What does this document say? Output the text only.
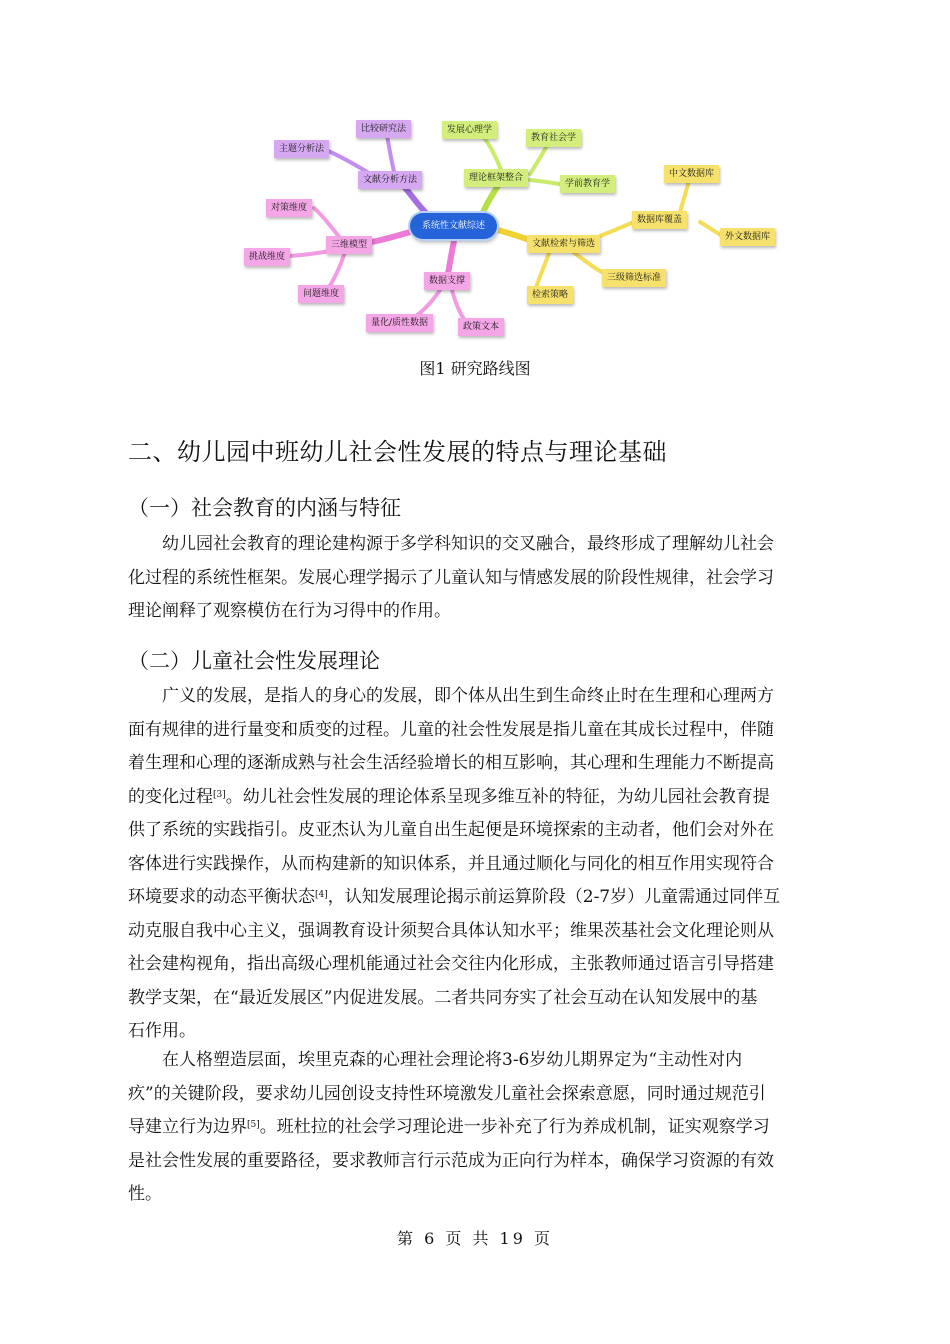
系统性文献综述
文献分析方法
比较研究法
主题分析法
理论框架整合
发展心理学
教育社会学
学前教育学
文献检索与筛选
数据库覆盖
中文数据库
外文数据库
三级筛选标准
检索策略
三维模型
对策维度
挑战维度
问题维度
数据支撑
量化/质性数据	政策文本
图1 研究路线图
二、幼儿园中班幼儿社会性发展的特点与理论基础
（一）社会教育的内涵与特征
幼儿园社会教育的理论建构源于多学科知识的交叉融合，最终形成了理解幼儿社会
化过程的系统性框架。发展心理学揭示了儿童认知与情感发展的阶段性规律，社会学习
理论阐释了观察模仿在行为习得中的作用。
（二）儿童社会性发展理论
广义的发展，是指人的身心的发展，即个体从出生到生命终止时在生理和心理两方
面有规律的进行量变和质变的过程。儿童的社会性发展是指儿童在其成长过程中，伴随
着生理和心理的逐渐成熟与社会生活经验增长的相互影响，其心理和生理能力不断提高
的变化过程[3]。幼儿社会性发展的理论体系呈现多维互补的特征，为幼儿园社会教育提
供了系统的实践指引。皮亚杰认为儿童自出生起便是环境探索的主动者，他们会对外在
客体进行实践操作，从而构建新的知识体系，并且通过顺化与同化的相互作用实现符合
环境要求的动态平衡状态[4]，认知发展理论揭示前运算阶段（2-7岁）儿童需通过同伴互
动克服自我中心主义，强调教育设计须契合具体认知水平；维果茨基社会文化理论则从
社会建构视角，指出高级心理机能通过社会交往内化形成，主张教师通过语言引导搭建
教学支架，在“最近发展区”内促进发展。二者共同夯实了社会互动在认知发展中的基
石作用。
在人格塑造层面，埃里克森的心理社会理论将3-6岁幼儿期界定为“主动性对内
疚”的关键阶段，要求幼儿园创设支持性环境激发儿童社会探索意愿，同时通过规范引
导建立行为边界[5]。班杜拉的社会学习理论进一步补充了行为养成机制，证实观察学习
是社会性发展的重要路径，要求教师言行示范成为正向行为样本，确保学习资源的有效
性。
第 6 页 共 19 页
